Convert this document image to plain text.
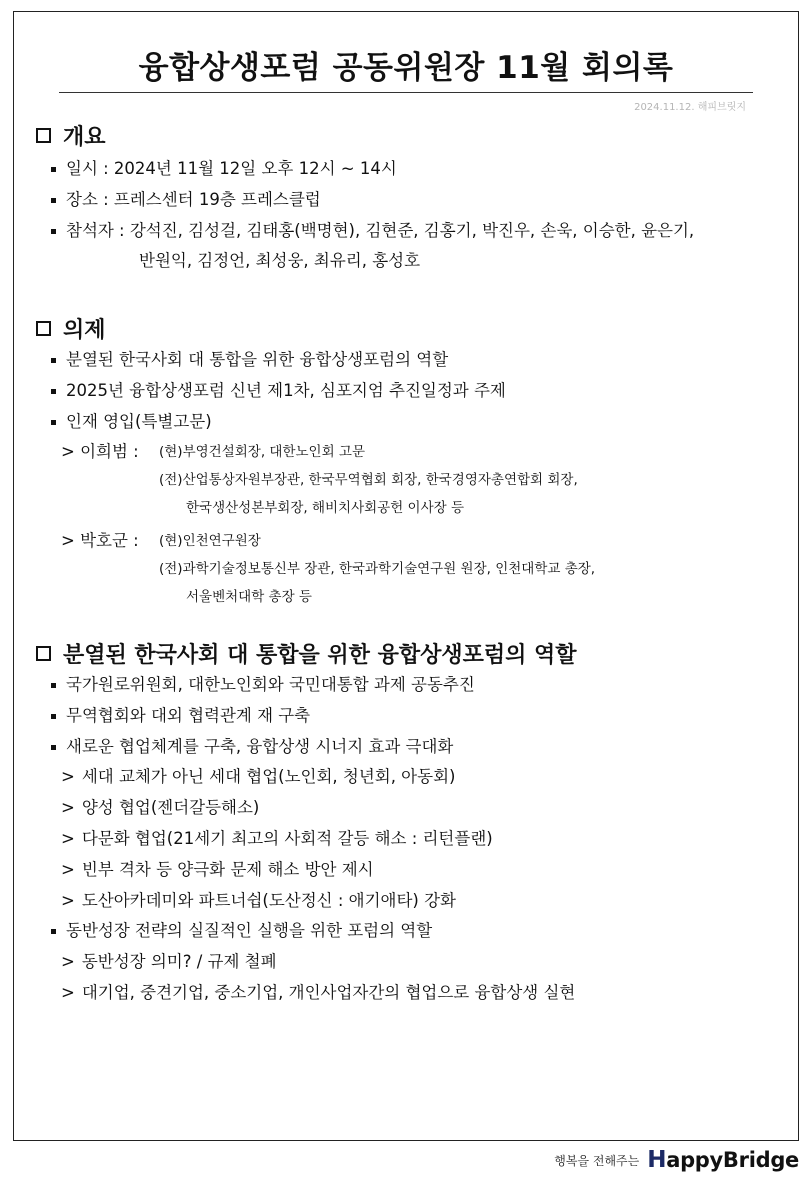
융합상생포럼 공동위원장 11월 회의록
2024.11.12. 해피브릿지
개요
일시 : 2024년 11월 12일 오후 12시 ~ 14시
장소 : 프레스센터 19층 프레스클럽
참석자 : 강석진, 김성걸, 김태홍(백명현), 김현준, 김홍기, 박진우, 손욱, 이승한, 윤은기,
반원익, 김정언, 최성웅, 최유리, 홍성호
의제
분열된 한국사회 대 통합을 위한 융합상생포럼의 역할
2025년 융합상생포럼 신년 제1차, 심포지엄 추진일정과 주제
인재 영입(특별고문)
> 이희범 :	(현)부영건설회장, 대한노인회 고문
(전)산업통상자원부장관, 한국무역협회 회장, 한국경영자총연합회 회장,
한국생산성본부회장, 해비치사회공헌 이사장 등
> 박호군 :	(현)인천연구원장
(전)과학기술정보통신부 장관, 한국과학기술연구원 원장, 인천대학교 총장,
서울벤처대학 총장 등
분열된 한국사회 대 통합을 위한 융합상생포럼의 역할
국가원로위원회, 대한노인회와 국민대통합 과제 공동추진
무역협회와 대외 협력관계 재 구축
새로운 협업체계를 구축, 융합상생 시너지 효과 극대화
> 세대 교체가 아닌 세대 협업(노인회, 청년회, 아동회)
> 양성 협업(젠더갈등해소)
> 다문화 협업(21세기 최고의 사회적 갈등 해소 : 리턴플랜)
> 빈부 격차 등 양극화 문제 해소 방안 제시
> 도산아카데미와 파트너쉽(도산정신 : 애기애타) 강화
동반성장 전략의 실질적인 실행을 위한 포럼의 역할
> 동반성장 의미? / 규제 철폐
> 대기업, 중견기업, 중소기업, 개인사업자간의 협업으로 융합상생 실현
행복을 전해주는 H appyBridge
